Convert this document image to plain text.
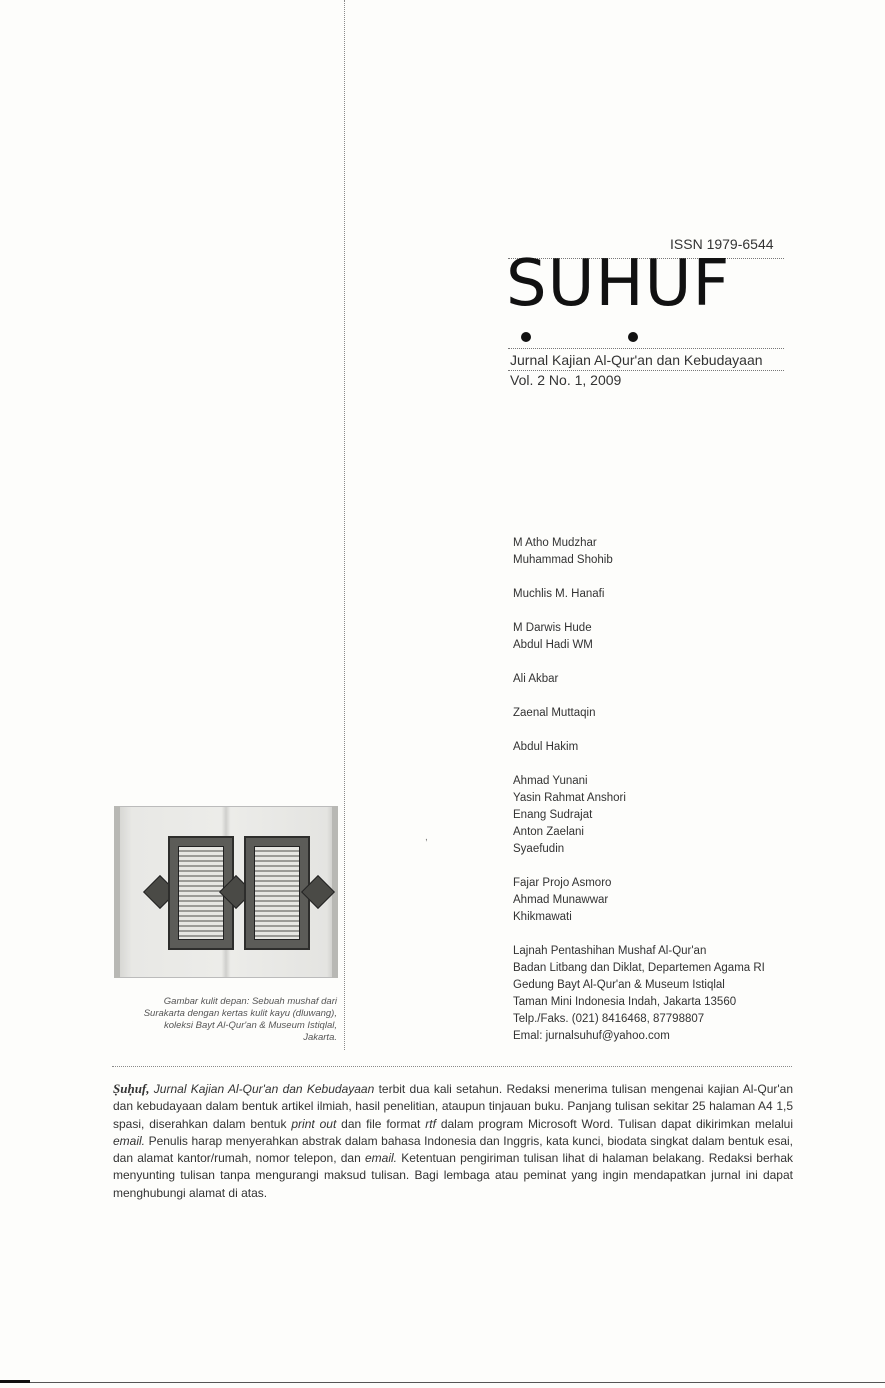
ISSN 1979-6544
SUHUF
Jurnal Kajian Al-Qur'an dan Kebudayaan
Vol. 2 No. 1, 2009
M Atho Mudzhar
Muhammad Shohib
Muchlis M. Hanafi
M Darwis Hude
Abdul Hadi WM
Ali Akbar
Zaenal Muttaqin
Abdul Hakim
Ahmad Yunani
Yasin Rahmat Anshori
Enang Sudrajat
Anton Zaelani
Syaefudin
,
Fajar Projo Asmoro
Ahmad Munawwar
Khikmawati
Lajnah Pentashihan Mushaf Al-Qur'an
Badan Litbang dan Diklat, Departemen Agama RI
Gedung Bayt Al-Qur'an & Museum Istiqlal
Taman Mini Indonesia Indah, Jakarta 13560
Telp./Faks. (021) 8416468, 87798807
Emal: jurnalsuhuf@yahoo.com
Gambar kulit depan: Sebuah mushaf dari
Surakarta dengan kertas kulit kayu (dluwang),
koleksi Bayt Al-Qur'an & Museum Istiqlal,
Jakarta.
Ṣuḥuf, Jurnal Kajian Al-Qur'an dan Kebudayaan terbit dua kali setahun. Redaksi menerima tulisan mengenai kajian Al-Qur'an dan kebudayaan dalam bentuk artikel ilmiah, hasil penelitian, ataupun tinjauan buku. Panjang tulisan sekitar 25 halaman A4 1,5 spasi, diserahkan dalam bentuk print out dan file format rtf dalam program Microsoft Word. Tulisan dapat dikirimkan melalui email. Penulis harap menyerahkan abstrak dalam bahasa Indonesia dan Inggris, kata kunci, biodata singkat dalam bentuk esai, dan alamat kantor/rumah, nomor telepon, dan email. Ketentuan pengiriman tulisan lihat di halaman belakang. Redaksi berhak menyunting tulisan tanpa mengurangi maksud tulisan. Bagi lembaga atau peminat yang ingin mendapatkan jurnal ini dapat menghubungi alamat di atas.
